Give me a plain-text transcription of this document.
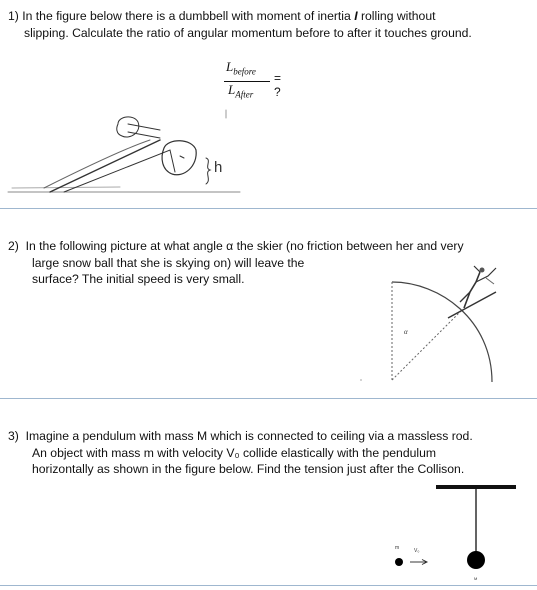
1) In the figure below there is a dumbbell with moment of inertia I rolling without
slipping. Calculate the ratio of angular momentum before to after it touches ground.
$L_{before}$
$L_{After}$
= ?
h
2) In the following picture at what angle α the skier (no friction between her and very
large snow ball that she is skying on) will leave the
surface? The initial speed is very small.
α
3) Imagine a pendulum with mass M which is connected to ceiling via a massless rod.
An object with mass m with velocity V₀ collide elastically with the pendulum
horizontally as shown in the figure below. Find the tension just after the Collison.
m	V₀
M
